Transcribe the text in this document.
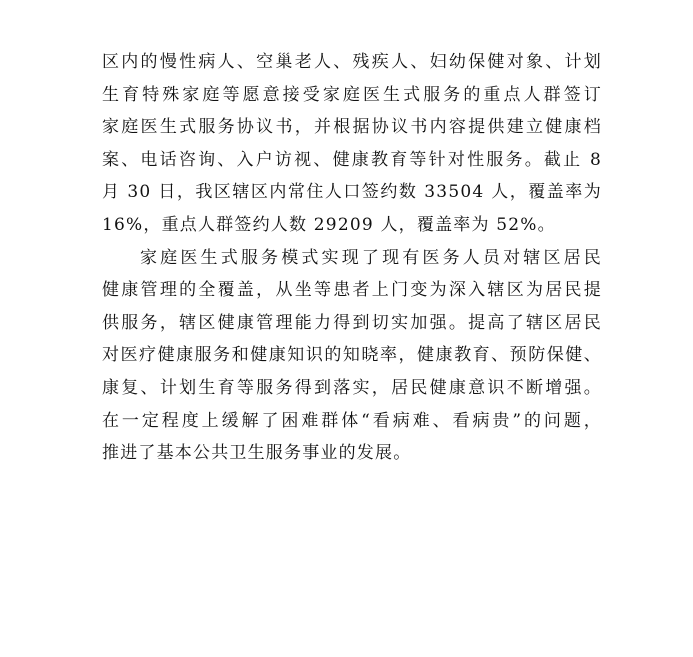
区内的慢性病人、空巢老人、残疾人、妇幼保健对象、计划
生育特殊家庭等愿意接受家庭医生式服务的重点人群签订
家庭医生式服务协议书，并根据协议书内容提供建立健康档
案、电话咨询、入户访视、健康教育等针对性服务。截止 8
月 30 日，我区辖区内常住人口签约数 33504 人，覆盖率为
16%，重点人群签约人数 29209 人，覆盖率为 52%。
家庭医生式服务模式实现了现有医务人员对辖区居民
健康管理的全覆盖，从坐等患者上门变为深入辖区为居民提
供服务，辖区健康管理能力得到切实加强。提高了辖区居民
对医疗健康服务和健康知识的知晓率，健康教育、预防保健、
康复、计划生育等服务得到落实，居民健康意识不断增强。
在一定程度上缓解了困难群体“看病难、看病贵”的问题，
推进了基本公共卫生服务事业的发展。
